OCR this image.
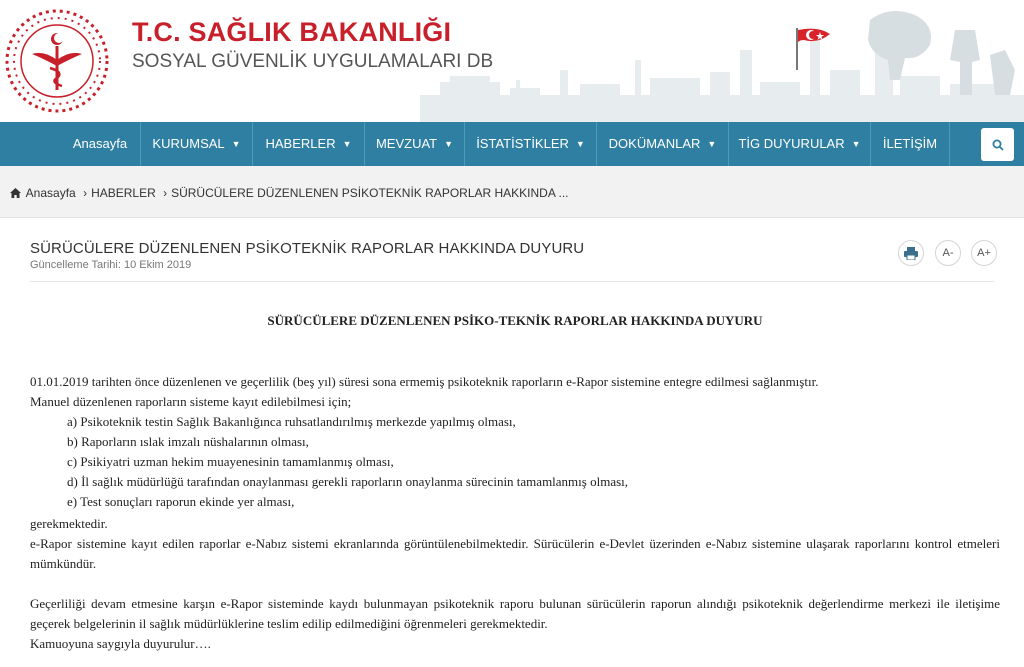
T.C. SAĞLIK BAKANLIĞI
SOSYAL GÜVENLİK UYGULAMALARI DB
Anasayfa	KURUMSAL ▼	HABERLER ▼	MEVZUAT ▼	İSTATİSTİKLER ▼	DOKÜMANLAR ▼	TİG DUYURULAR ▼	İLETİŞİM
Anasayfa › HABERLER › SÜRÜCÜLERE DÜZENLENEN PSİKOTEKNİK RAPORLAR HAKKINDA ...
SÜRÜCÜLERE DÜZENLENEN PSİKOTEKNİK RAPORLAR HAKKINDA DUYURU
Güncelleme Tarihi: 10 Ekim 2019
A-	A+
SÜRÜCÜLERE DÜZENLENEN PSİKO-TEKNİK RAPORLAR HAKKINDA DUYURU
01.01.2019 tarihten önce düzenlenen ve geçerlilik (beş yıl) süresi sona ermemiş psikoteknik raporların e-Rapor sistemine entegre edilmesi sağlanmıştır.
Manuel düzenlenen raporların sisteme kayıt edilebilmesi için;
a) Psikoteknik testin Sağlık Bakanlığınca ruhsatlandırılmış merkezde yapılmış olması,
b) Raporların ıslak imzalı nüshalarının olması,
c) Psikiyatri uzman hekim muayenesinin tamamlanmış olması,
d) İl sağlık müdürlüğü tarafından onaylanması gerekli raporların onaylanma sürecinin tamamlanmış olması,
e) Test sonuçları raporun ekinde yer alması,
gerekmektedir.
e-Rapor sistemine kayıt edilen raporlar e-Nabız sistemi ekranlarında görüntülenebilmektedir. Sürücülerin e-Devlet üzerinden e-Nabız sistemine ulaşarak raporlarını kontrol etmeleri mümkündür.
Geçerliliği devam etmesine karşın e-Rapor sisteminde kaydı bulunmayan psikoteknik raporu bulunan sürücülerin raporun alındığı psikoteknik değerlendirme merkezi ile iletişime geçerek belgelerinin il sağlık müdürlüklerine teslim edilip edilmediğini öğrenmeleri gerekmektedir.
Kamuoyuna saygıyla duyurulur….
